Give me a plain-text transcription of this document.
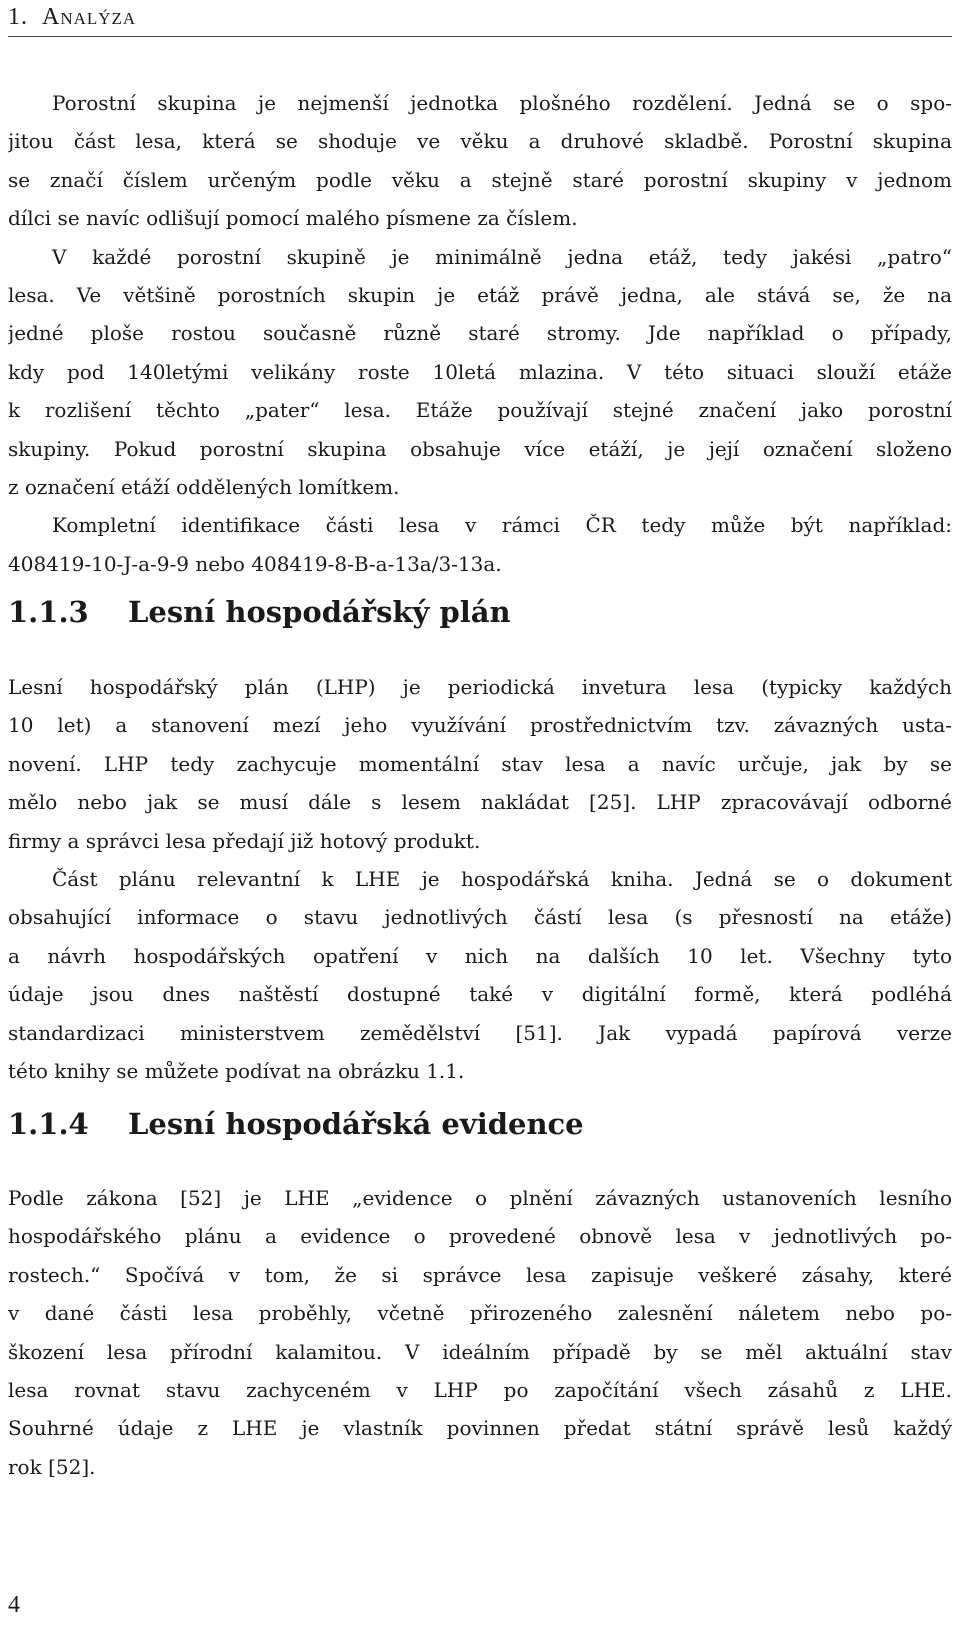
1. Analýza
Porostní skupina je nejmenší jednotka plošného rozdělení. Jedná se o spo-
jitou část lesa, která se shoduje ve věku a druhové skladbě. Porostní skupina
se značí číslem určeným podle věku a stejně staré porostní skupiny v jednom
dílci se navíc odlišují pomocí malého písmene za číslem.
V každé porostní skupině je minimálně jedna etáž, tedy jakési „patro“
lesa. Ve většině porostních skupin je etáž právě jedna, ale stává se, že na
jedné ploše rostou současně různě staré stromy. Jde například o případy,
kdy pod 140letými velikány roste 10letá mlazina. V této situaci slouží etáže
k rozlišení těchto „pater“ lesa. Etáže používají stejné značení jako porostní
skupiny. Pokud porostní skupina obsahuje více etáží, je její označení složeno
z označení etáží oddělených lomítkem.
Kompletní identifikace části lesa v rámci ČR tedy může být například:
408419-10-J-a-9-9 nebo 408419-8-B-a-13a/3-13a.
1.1.3 Lesní hospodářský plán
Lesní hospodářský plán (LHP) je periodická invetura lesa (typicky každých
10 let) a stanovení mezí jeho využívání prostřednictvím tzv. závazných usta-
novení. LHP tedy zachycuje momentální stav lesa a navíc určuje, jak by se
mělo nebo jak se musí dále s lesem nakládat [25]. LHP zpracovávají odborné
firmy a správci lesa předají již hotový produkt.
Část plánu relevantní k LHE je hospodářská kniha. Jedná se o dokument
obsahující informace o stavu jednotlivých částí lesa (s přesností na etáže)
a návrh hospodářských opatření v nich na dalších 10 let. Všechny tyto
údaje jsou dnes naštěstí dostupné také v digitální formě, která podléhá
standardizaci ministerstvem zemědělství [51]. Jak vypadá papírová verze
této knihy se můžete podívat na obrázku 1.1.
1.1.4 Lesní hospodářská evidence
Podle zákona [52] je LHE „evidence o plnění závazných ustanoveních lesního
hospodářského plánu a evidence o provedené obnově lesa v jednotlivých po-
rostech.“ Spočívá v tom, že si správce lesa zapisuje veškeré zásahy, které
v dané části lesa proběhly, včetně přirozeného zalesnění náletem nebo po-
škození lesa přírodní kalamitou. V ideálním případě by se měl aktuální stav
lesa rovnat stavu zachyceném v LHP po započítání všech zásahů z LHE.
Souhrné údaje z LHE je vlastník povinnen předat státní správě lesů každý
rok [52].
4
